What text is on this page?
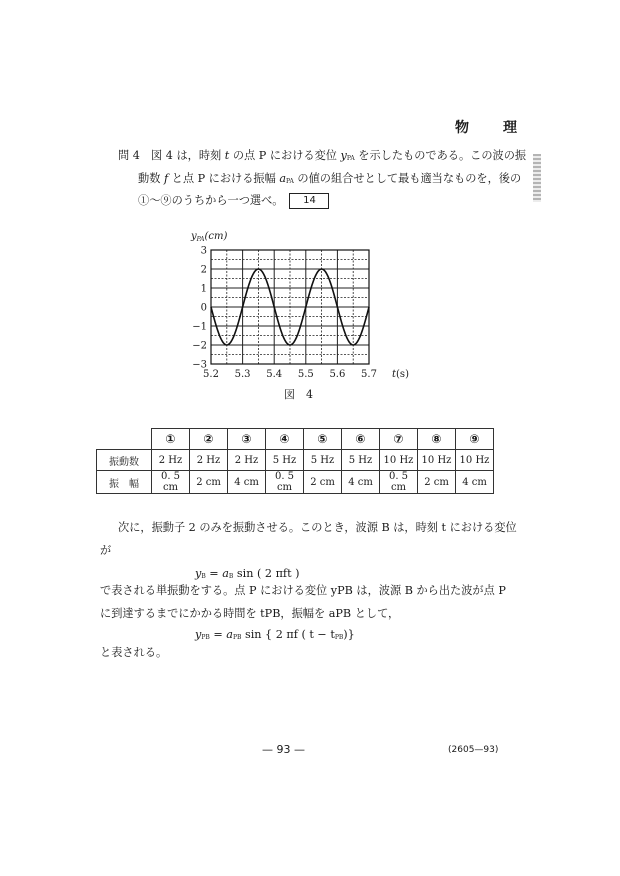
物　理
問 4　図 4 は，時刻 t の点 P における変位 $y_{PA}$ を示したものである。この波の振
動数 f と点 P における振幅 $a_{PA}$ の値の組合せとして最も適当なものを，後の
①～⑨のうちから一つ選べ。 14
5.2 5.3 5.4 5.5 5.6 5.7
3
2
1
0
−1
−2
−3
$y_{PA}(cm)$
t(s)
図　4
	①	②	③	④	⑤	⑥	⑦	⑧	⑨
振動数	2 Hz	2 Hz	2 Hz	5 Hz	5 Hz	5 Hz	10 Hz	10 Hz	10 Hz
振　幅	0. 5 cm	2 cm	4 cm	0. 5 cm	2 cm	4 cm	0. 5 cm	2 cm	4 cm
次に，振動子 2 のみを振動させる。このとき，波源 B は，時刻 t における変位
が
$y_B = a_B$ sin ( 2 πft )
で表される単振動をする。点 P における変位 yPB は，波源 B から出た波が点 P
に到達するまでにかかる時間を tPB，振幅を aPB として，
$y_{PB} = a_{PB}$ sin { 2 πf ( $t - t_{PB}$)}
と表される。
— 93 —	(2605—93)
